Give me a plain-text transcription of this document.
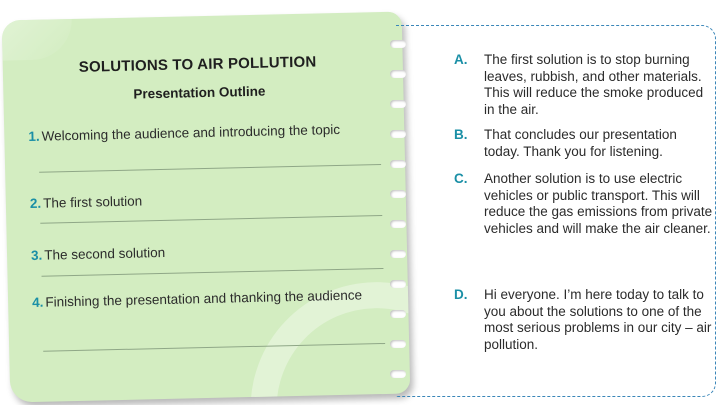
SOLUTIONS TO AIR POLLUTION
Presentation Outline
1. Welcoming the audience and introducing the topic
2. The first solution
3. The second solution
4. Finishing the presentation and thanking the audience
A. The first solution is to stop burning leaves, rubbish, and other materials. This will reduce the smoke produced in the air.
B. That concludes our presentation today. Thank you for listening.
C. Another solution is to use electric vehicles or public transport. This will reduce the gas emissions from private vehicles and will make the air cleaner.
D. Hi everyone. I’m here today to talk to you about the solutions to one of the most serious problems in our city – air pollution.
